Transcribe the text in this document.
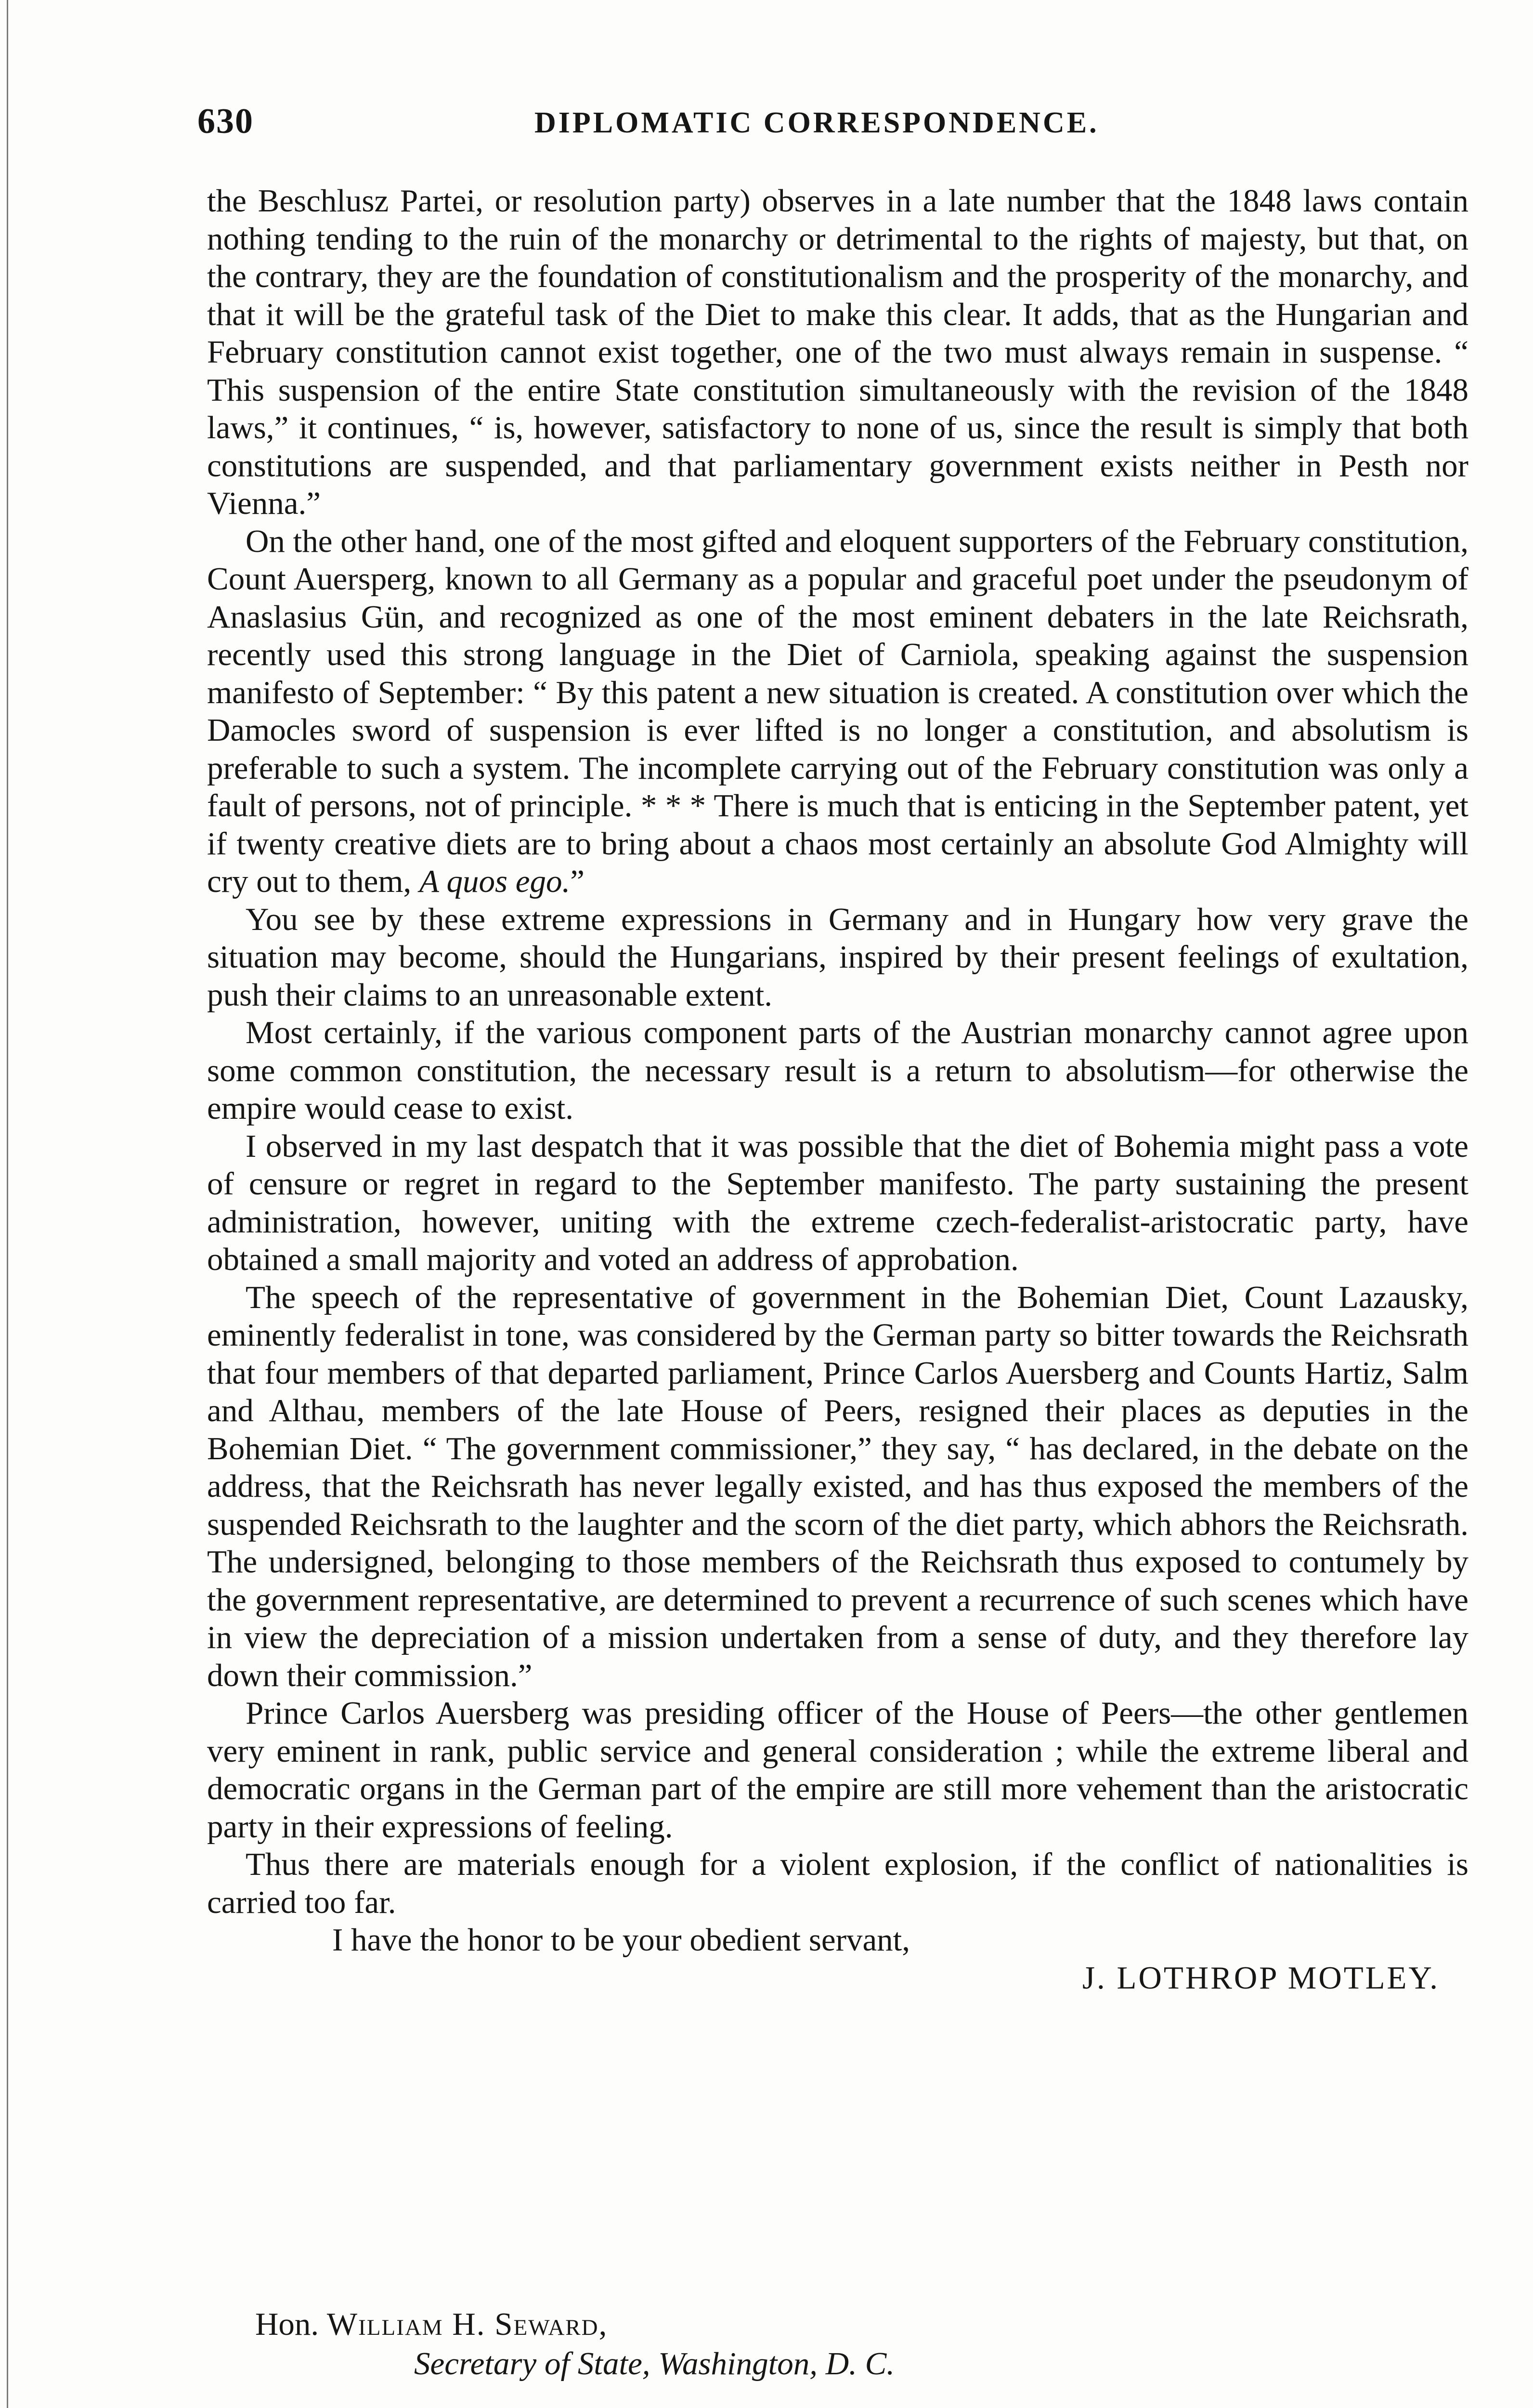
630	DIPLOMATIC CORRESPONDENCE.

the Beschlusz Partei, or resolution party) observes in a late number that the 1848 laws contain nothing tending to the ruin of the monarchy or detrimental to the rights of majesty, but that, on the contrary, they are the foundation of constitutionalism and the prosperity of the monarchy, and that it will be the grateful task of the Diet to make this clear. It adds, that as the Hungarian and February constitution cannot exist together, one of the two must always remain in suspense. “ This suspension of the entire State constitution simultaneously with the revision of the 1848 laws,” it continues, “ is, however, satisfactory to none of us, since the result is simply that both constitutions are suspended, and that parliamentary government exists neither in Pesth nor Vienna.”

On the other hand, one of the most gifted and eloquent supporters of the February constitution, Count Auersperg, known to all Germany as a popular and graceful poet under the pseudonym of Anaslasius Gün, and recognized as one of the most eminent debaters in the late Reichsrath, recently used this strong language in the Diet of Carniola, speaking against the suspension manifesto of September: “ By this patent a new situation is created. A constitution over which the Damocles sword of suspension is ever lifted is no longer a constitution, and absolutism is preferable to such a system. The incomplete carrying out of the February constitution was only a fault of persons, not of principle. * * * There is much that is enticing in the September patent, yet if twenty creative diets are to bring about a chaos most certainly an absolute God Almighty will cry out to them, A quos ego.”

You see by these extreme expressions in Germany and in Hungary how very grave the situation may become, should the Hungarians, inspired by their present feelings of exultation, push their claims to an unreasonable extent.

Most certainly, if the various component parts of the Austrian monarchy cannot agree upon some common constitution, the necessary result is a return to absolutism—for otherwise the empire would cease to exist.

I observed in my last despatch that it was possible that the diet of Bohemia might pass a vote of censure or regret in regard to the September manifesto. The party sustaining the present administration, however, uniting with the extreme czech-federalist-aristocratic party, have obtained a small majority and voted an address of approbation.

The speech of the representative of government in the Bohemian Diet, Count Lazausky, eminently federalist in tone, was considered by the German party so bitter towards the Reichsrath that four members of that departed parliament, Prince Carlos Auersberg and Counts Hartiz, Salm and Althau, members of the late House of Peers, resigned their places as deputies in the Bohemian Diet. “ The government commissioner,” they say, “ has declared, in the debate on the address, that the Reichsrath has never legally existed, and has thus exposed the members of the suspended Reichsrath to the laughter and the scorn of the diet party, which abhors the Reichsrath. The undersigned, belonging to those members of the Reichsrath thus exposed to contumely by the government representative, are determined to prevent a recurrence of such scenes which have in view the depreciation of a mission undertaken from a sense of duty, and they therefore lay down their commission.”

Prince Carlos Auersberg was presiding officer of the House of Peers—the other gentlemen very eminent in rank, public service and general consideration ; while the extreme liberal and democratic organs in the German part of the empire are still more vehement than the aristocratic party in their expressions of feeling.

Thus there are materials enough for a violent explosion, if the conflict of nationalities is carried too far.

I have the honor to be your obedient servant,

J. LOTHROP MOTLEY.

Hon. William H. Seward,
Secretary of State, Washington, D. C.
